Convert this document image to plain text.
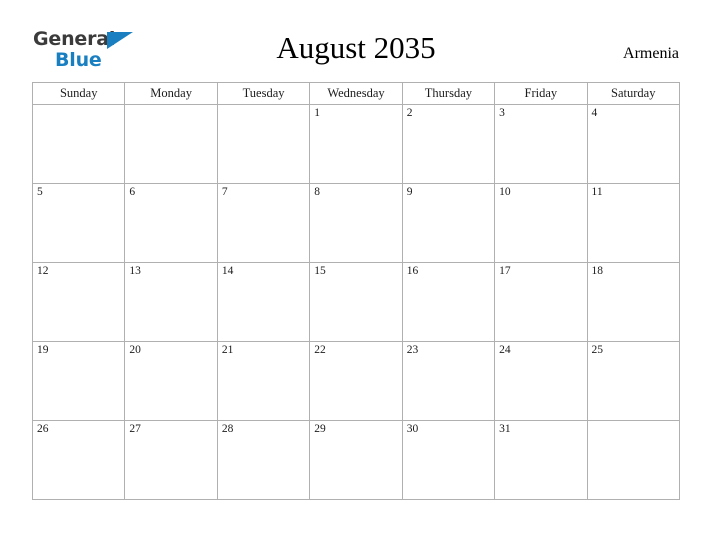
General
Blue	August 2035	Armenia
Sunday	Monday	Tuesday	Wednesday	Thursday	Friday	Saturday

			1	2	3	4

5	6	7	8	9	10	11

12	13	14	15	16	17	18

19	20	21	22	23	24	25

26	27	28	29	30	31	
